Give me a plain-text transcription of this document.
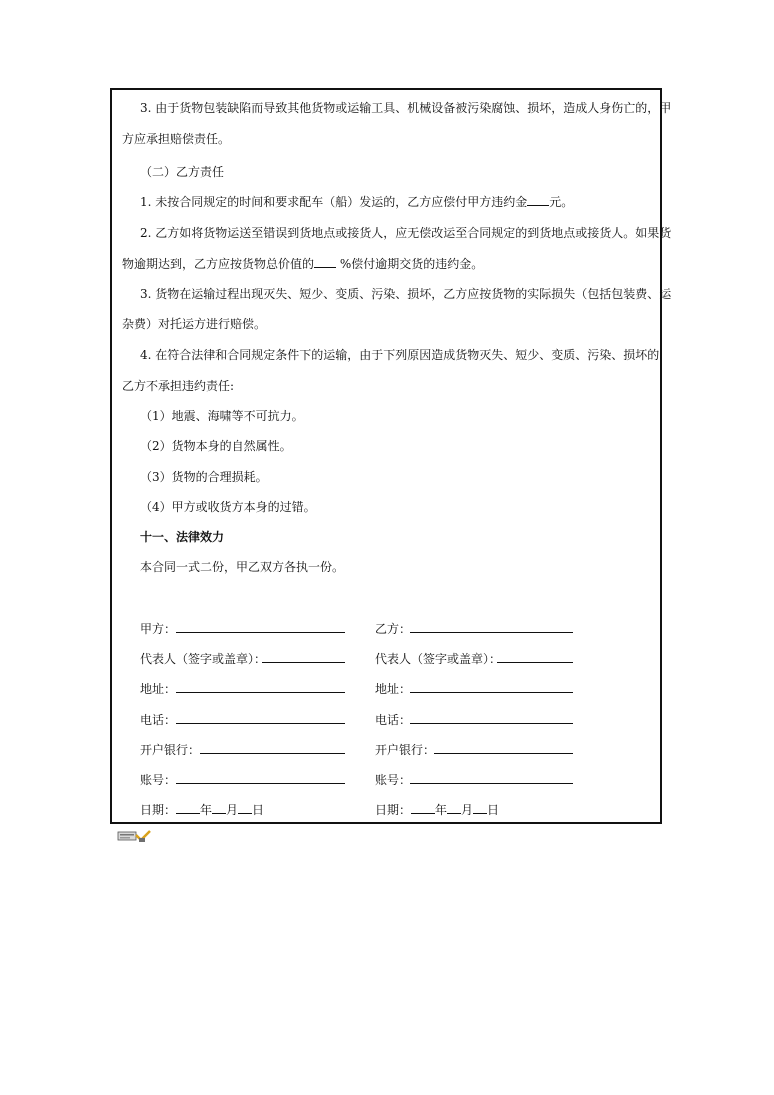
3. 由于货物包装缺陷而导致其他货物或运输工具、机械设备被污染腐蚀、损坏，造成人身伤亡的，甲
方应承担赔偿责任。
（二）乙方责任
1. 未按合同规定的时间和要求配车（船）发运的，乙方应偿付甲方违约金 元。
2. 乙方如将货物运送至错误到货地点或接货人，应无偿改运至合同规定的到货地点或接货人。如果货
物逾期达到，乙方应按货物总价值的 %偿付逾期交货的违约金。
3. 货物在运输过程出现灭失、短少、变质、污染、损坏，乙方应按货物的实际损失（包括包装费、运
杂费）对托运方进行赔偿。
4. 在符合法律和合同规定条件下的运输，由于下列原因造成货物灭失、短少、变质、污染、损坏的，
乙方不承担违约责任:
（1）地震、海啸等不可抗力。
（2）货物本身的自然属性。
（3）货物的合理损耗。
（4）甲方或收货方本身的过错。
十一、法律效力
本合同一式二份，甲乙双方各执一份。
甲方：
代表人（签字或盖章）：
地址：
电话：
开户银行：
账号：
日期： 年 月 日
乙方：
代表人（签字或盖章）：
地址：
电话：
开户银行：
账号：
日期： 年 月 日
